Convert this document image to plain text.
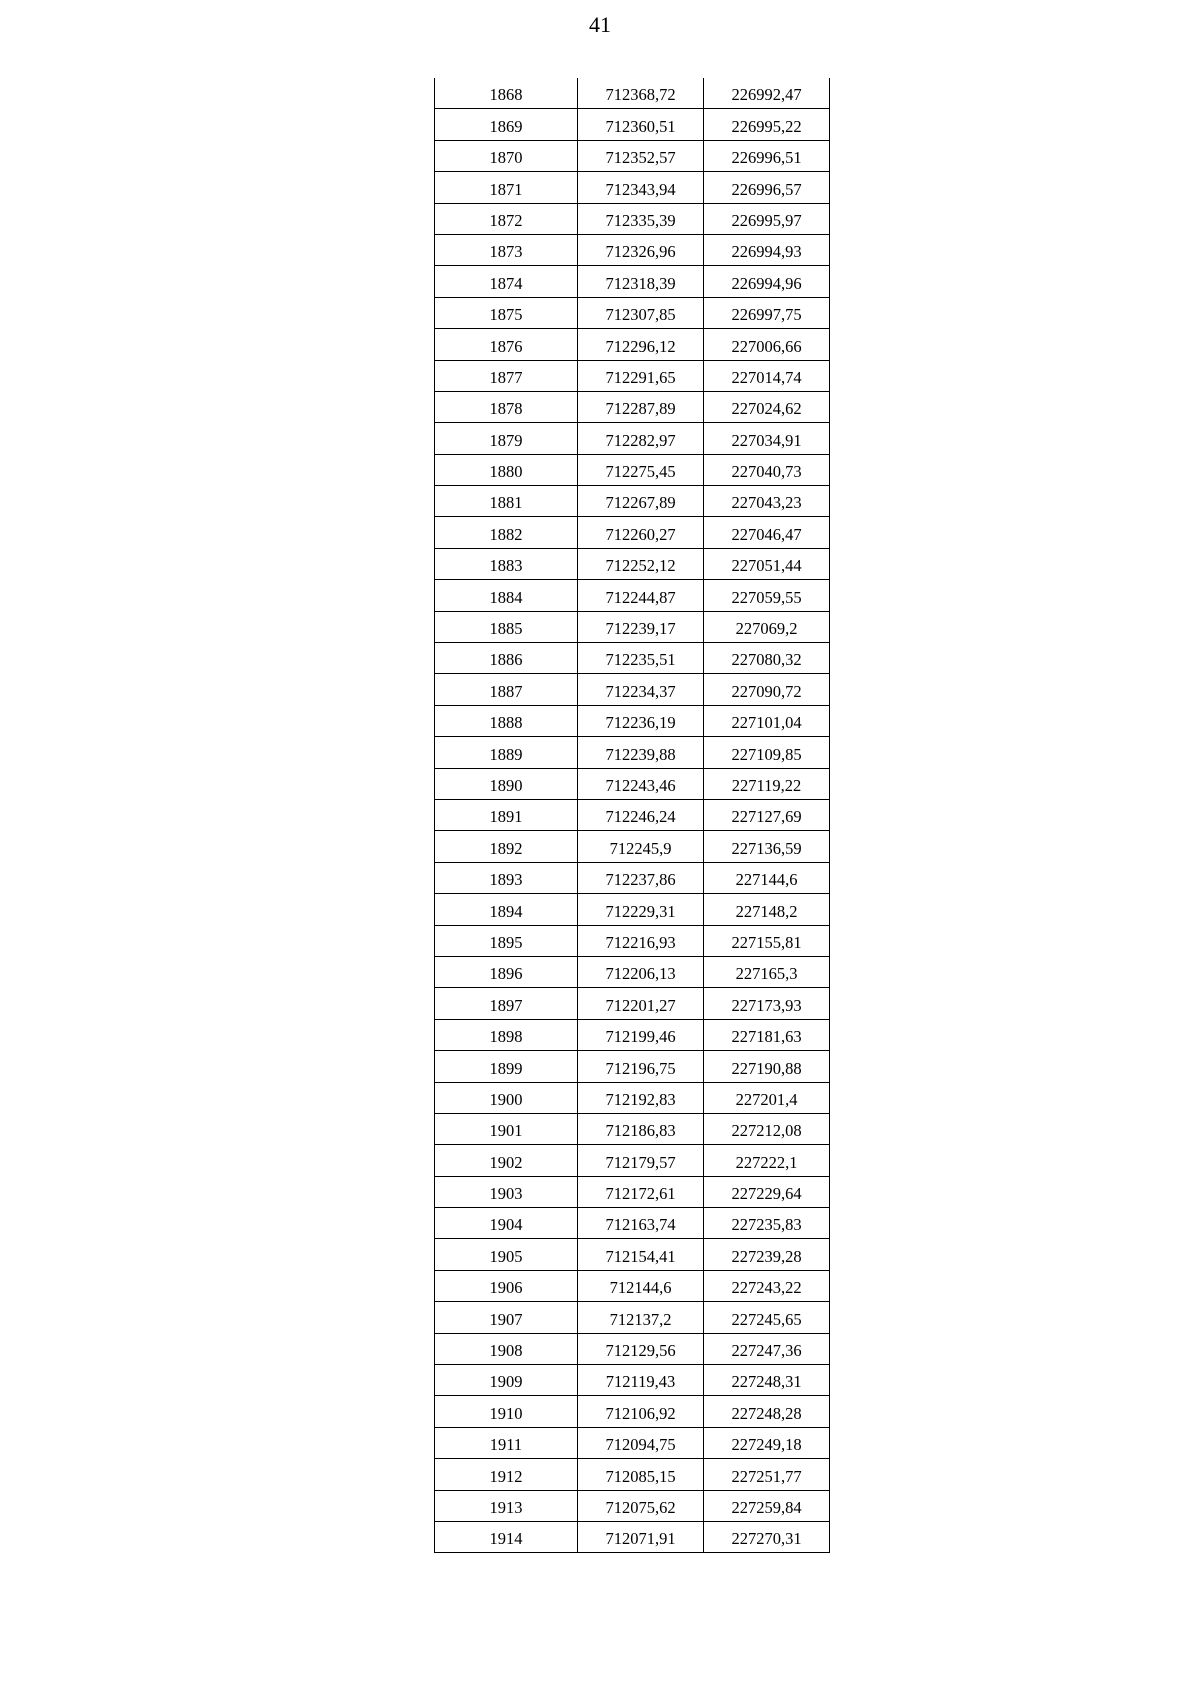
41
1868	712368,72	226992,47
1869	712360,51	226995,22
1870	712352,57	226996,51
1871	712343,94	226996,57
1872	712335,39	226995,97
1873	712326,96	226994,93
1874	712318,39	226994,96
1875	712307,85	226997,75
1876	712296,12	227006,66
1877	712291,65	227014,74
1878	712287,89	227024,62
1879	712282,97	227034,91
1880	712275,45	227040,73
1881	712267,89	227043,23
1882	712260,27	227046,47
1883	712252,12	227051,44
1884	712244,87	227059,55
1885	712239,17	227069,2
1886	712235,51	227080,32
1887	712234,37	227090,72
1888	712236,19	227101,04
1889	712239,88	227109,85
1890	712243,46	227119,22
1891	712246,24	227127,69
1892	712245,9	227136,59
1893	712237,86	227144,6
1894	712229,31	227148,2
1895	712216,93	227155,81
1896	712206,13	227165,3
1897	712201,27	227173,93
1898	712199,46	227181,63
1899	712196,75	227190,88
1900	712192,83	227201,4
1901	712186,83	227212,08
1902	712179,57	227222,1
1903	712172,61	227229,64
1904	712163,74	227235,83
1905	712154,41	227239,28
1906	712144,6	227243,22
1907	712137,2	227245,65
1908	712129,56	227247,36
1909	712119,43	227248,31
1910	712106,92	227248,28
1911	712094,75	227249,18
1912	712085,15	227251,77
1913	712075,62	227259,84
1914	712071,91	227270,31
